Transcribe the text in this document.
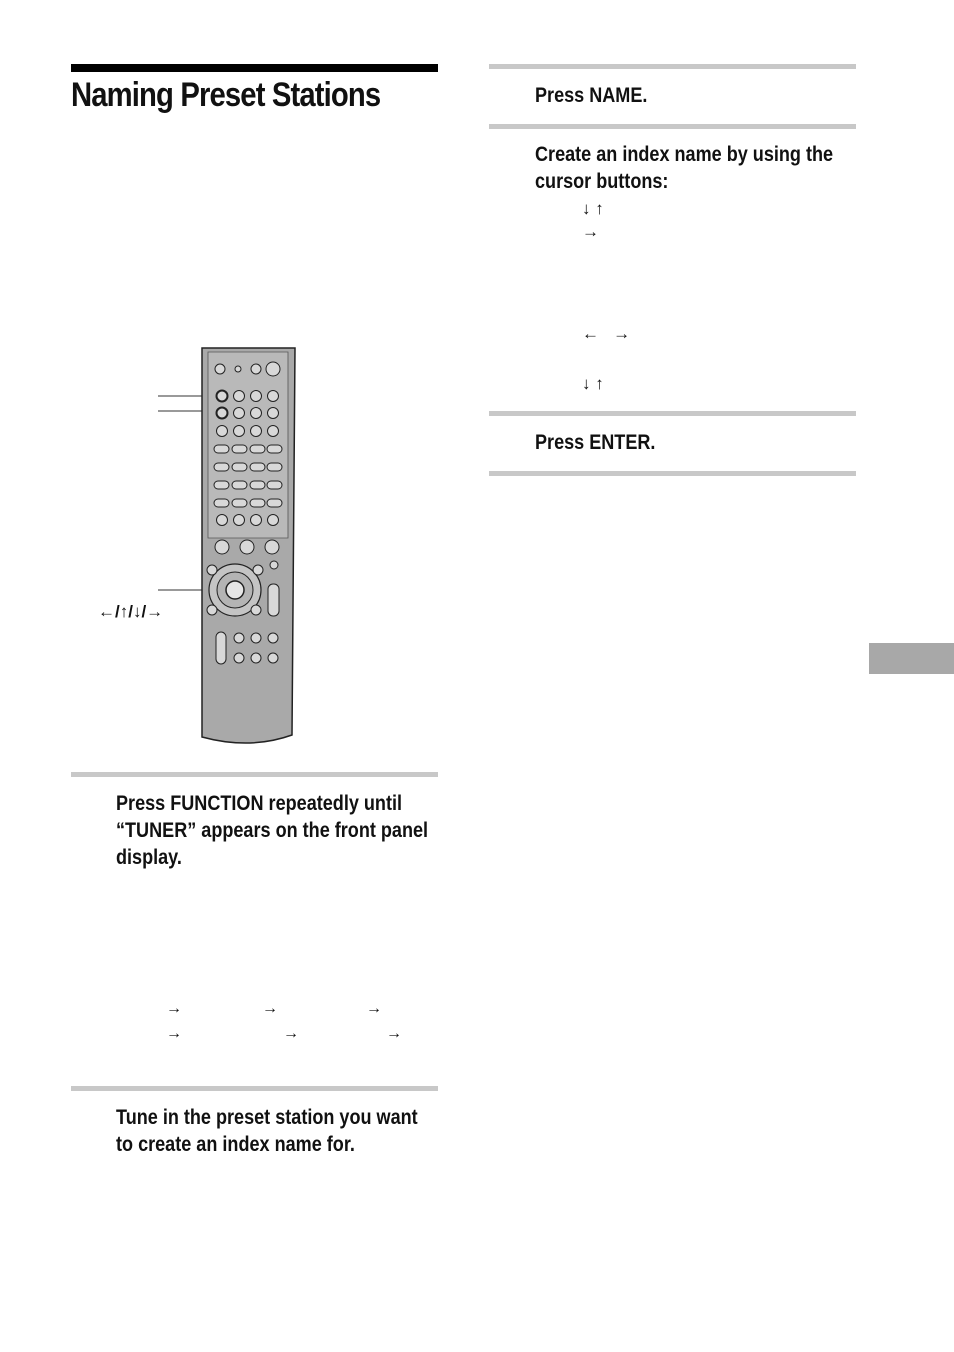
Naming Preset Stations
←/↑/↓/→
Press FUNCTION repeatedly until “TUNER” appears on the front panel display.
→	→	→
→	→	→
Tune in the preset station you want to create an index name for.
Press NAME.
Create an index name by using the cursor buttons:
↓ ↑
→
←   →
↓ ↑
Press ENTER.
